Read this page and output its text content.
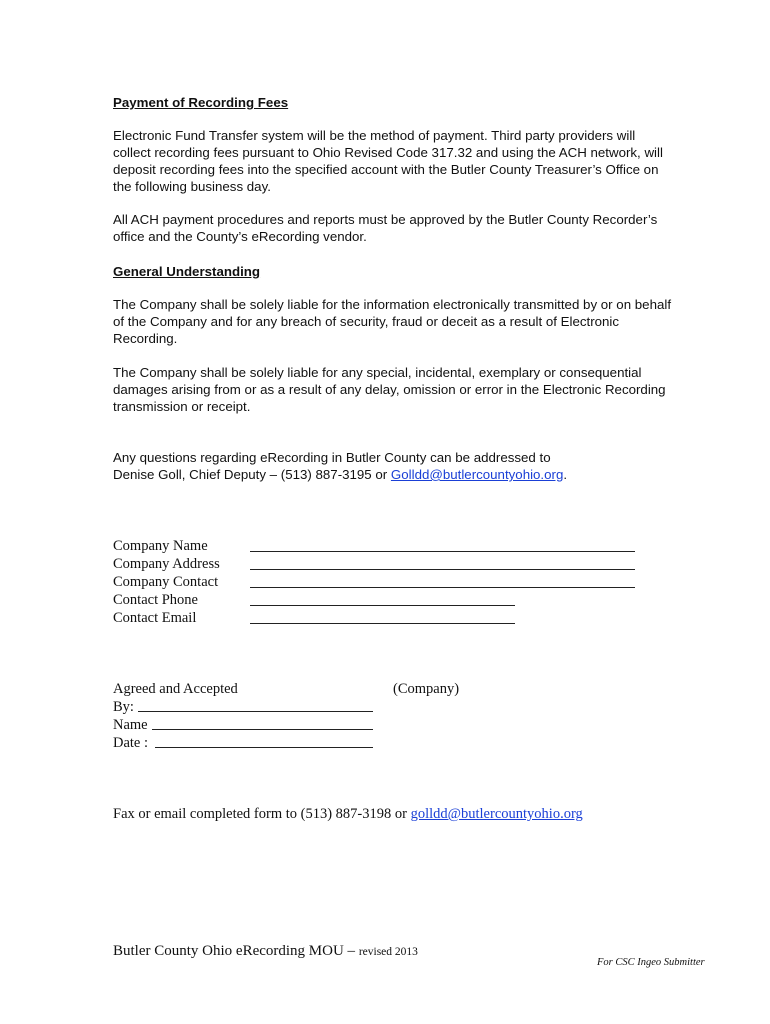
Payment of Recording Fees
Electronic Fund Transfer system will be the method of payment. Third party providers will collect recording fees pursuant to Ohio Revised Code 317.32 and using the ACH network, will deposit recording fees into the specified account with the Butler County Treasurer’s Office on the following business day.
All ACH payment procedures and reports must be approved by the Butler County Recorder’s office and the County’s eRecording vendor.
General Understanding
The Company shall be solely liable for the information electronically transmitted by or on behalf of the Company and for any breach of security, fraud or deceit as a result of Electronic Recording.
The Company shall be solely liable for any special, incidental, exemplary or consequential damages arising from or as a result of any delay, omission or error in the Electronic Recording transmission or receipt.
Any questions regarding eRecording in Butler County can be addressed to
Denise Goll, Chief Deputy – (513) 887-3195 or Golldd@butlercountyohio.org.
Company Name
Company Address
Company Contact
Contact Phone
Contact Email
Agreed and Accepted	(Company)
By:
Name
Date :
Fax or email completed form to (513) 887-3198 or golldd@butlercountyohio.org
Butler County Ohio eRecording MOU – revised 2013
For CSC Ingeo Submitter
